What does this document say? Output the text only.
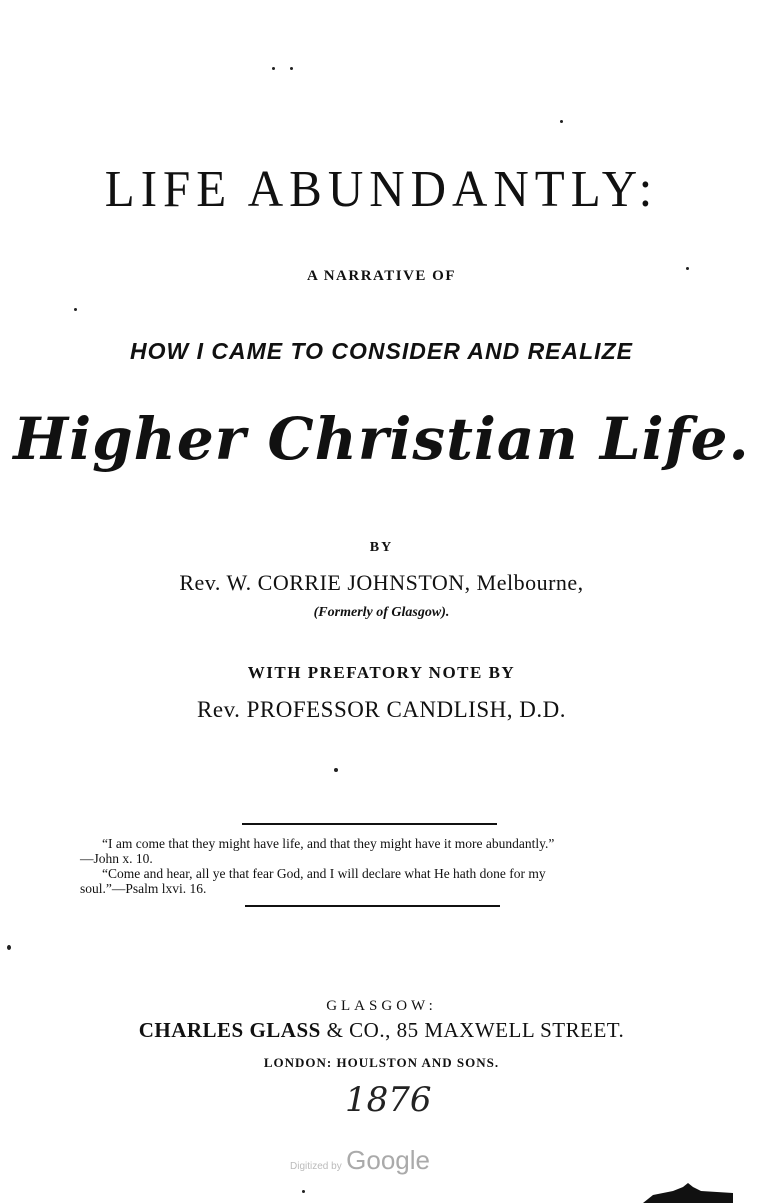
LIFE ABUNDANTLY:
A NARRATIVE OF
HOW I CAME TO CONSIDER AND REALIZE
Higher Christian Life.
BY
Rev. W. CORRIE JOHNSTON, Melbourne,
(Formerly of Glasgow).
WITH PREFATORY NOTE BY
Rev. PROFESSOR CANDLISH, D.D.
“I am come that they might have life, and that they might have it more abundantly.”
—John x. 10.
“Come and hear, all ye that fear God, and I will declare what He hath done for my
soul.”—Psalm lxvi. 16.
GLASGOW:
CHARLES GLASS & CO., 85 MAXWELL STREET.
LONDON: HOULSTON AND SONS.
1876
Digitized by Google
